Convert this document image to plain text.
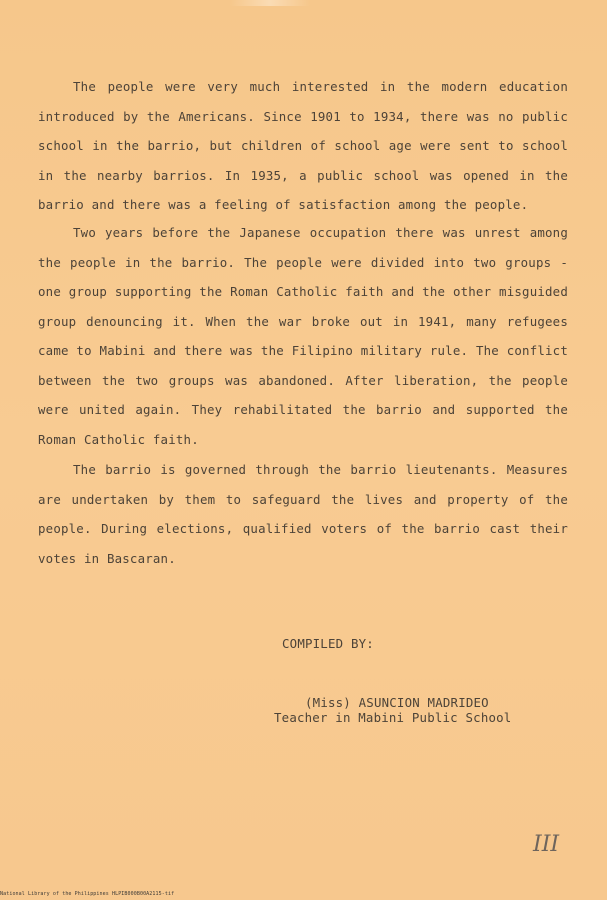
The people were very much interested in the modern education introduced by the Americans. Since 1901 to 1934, there was no public school in the barrio, but children of school age were sent to school in the nearby barrios. In 1935, a public school was opened in the barrio and there was a feeling of satisfaction among the people.

Two years before the Japanese occupation there was unrest among the people in the barrio. The people were divided into two groups - one group supporting the Roman Catholic faith and the other misguided group denouncing it. When the war broke out in 1941, many refugees came to Mabini and there was the Filipino military rule. The conflict between the two groups was abandoned. After liberation, the people were united again. They rehabilitated the barrio and supported the Roman Catholic faith.

The barrio is governed through the barrio lieutenants. Measures are undertaken by them to safeguard the lives and property of the people. During elections, qualified voters of the barrio cast their votes in Bascaran.

COMPILED BY:
(Miss) ASUNCION MADRIDEO
Teacher in Mabini Public School
III
National Library of the Philippines HLPIB000B00A2115-tif
